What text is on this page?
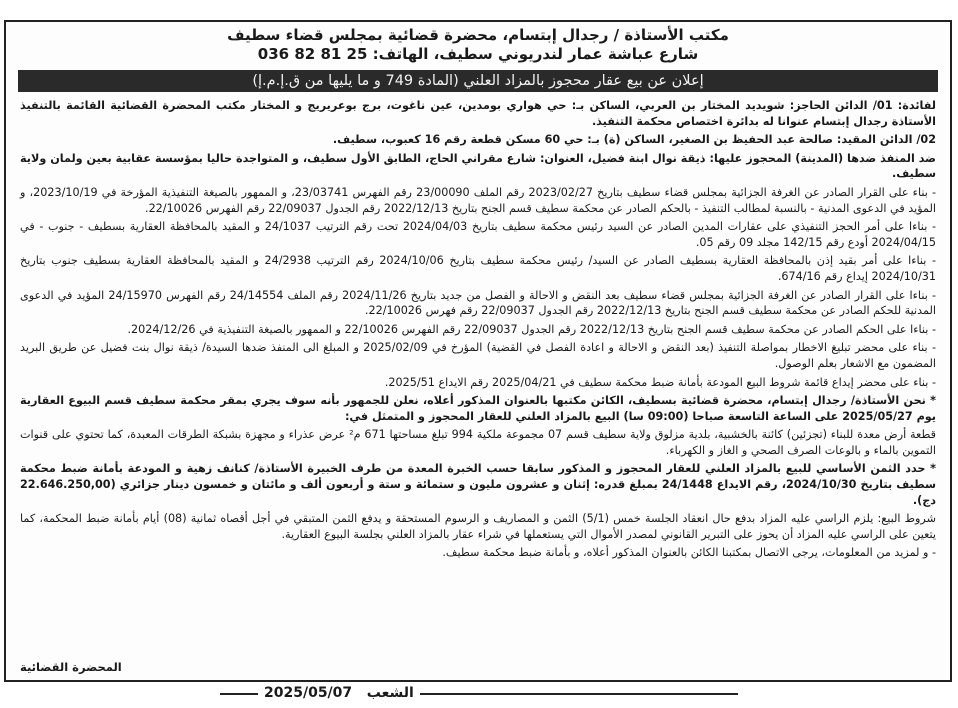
مكتب الأستاذة / رجدال إبتسام، محضرة قضائية بمجلس قضاء سطيف
شارع عباشة عمار لندريوني سطيف، الهاتف: 25 81 82 036
إعلان عن بيع عقار محجوز بالمزاد العلني (المادة 749 و ما يليها من ق.إ.م.إ)

لفائدة: 01/ الدائن الحاجز: شويديد المختار بن العربي، الساكن بـ: حي هواري بومدين، عين ناغوت، برج بوعريريج و المختار مكتب المحضرة القضائية القائمة بالتنفيذ الأستاذة رجدال إبتسام عنوانا له بدائرة اختصاص محكمة التنفيذ.

02/ الدائن المقيد: صالحة عبد الحفيظ بن الصغير، الساكن (ة) بـ: حي 60 مسكن قطعة رقم 16 كعبوب، سطيف.

ضد المنفذ ضدها (المدينة) المحجوز عليها: ذيقة نوال ابنة فضيل، العنوان: شارع مقراني الحاج، الطابق الأول سطيف، و المتواجدة حاليا بمؤسسة عقابية بعين ولمان ولاية سطيف.

- بناء على القرار الصادر عن الغرفة الجزائية بمجلس قضاء سطيف بتاريخ 2023/02/27 رقم الملف 23/00090 رقم الفهرس 23/03741، و الممهور بالصيغة التنفيذية المؤرخة في 2023/10/19، و المؤيد في الدعوى المدنية - بالنسبة لمطالب التنفيذ - بالحكم الصادر عن محكمة سطيف قسم الجنح بتاريخ 2022/12/13 رقم الجدول 22/09037 رقم الفهرس 22/10026.

- بناءا على أمر الحجز التنفيذي على عقارات المدين الصادر عن السيد رئيس محكمة سطيف بتاريخ 2024/04/03 تحت رقم الترتيب 24/1037 و المقيد بالمحافظة العقارية بسطيف - جنوب - في 2024/04/15 أودع رقم 142/15 مجلد 09 رقم 05.

- بناءا على أمر بقيد إذن بالمحافظة العقارية بسطيف الصادر عن السيد/ رئيس محكمة سطيف بتاريخ 2024/10/06 رقم الترتيب 24/2938 و المقيد بالمحافظة العقارية بسطيف جنوب بتاريخ 2024/10/31 إيداع رقم 674/16.

- بناءا على القرار الصادر عن الغرفة الجزائية بمجلس قضاء سطيف بعد النقض و الاحالة و الفصل من جديد بتاريخ 2024/11/26 رقم الملف 24/14554 رقم الفهرس 24/15970 المؤيد في الدعوى المدنية للحكم الصادر عن محكمة سطيف قسم الجنح بتاريخ 2022/12/13 رقم الجدول 22/09037 رقم فهرس 22/10026.

- بناءا على الحكم الصادر عن محكمة سطيف قسم الجنح بتاريخ 2022/12/13 رقم الجدول 22/09037 رقم الفهرس 22/10026 و الممهور بالصيغة التنفيذية في 2024/12/26.

- بناء على محضر تبليغ الاخطار بمواصلة التنفيذ (بعد النقض و الاحالة و اعادة الفصل في القضية) المؤرخ في 2025/02/09 و المبلغ الى المنفذ ضدها السيدة/ ذيقة نوال بنت فضيل عن طريق البريد المضمون مع الاشعار بعلم الوصول.

- بناء على محضر إيداع قائمة شروط البيع المودعة بأمانة ضبط محكمة سطيف في 2025/04/21 رقم الايداع 2025/51.

* نحن الأستاذة/ رجدال إبتسام، محضرة قضائية بسطيف، الكائن مكتبها بالعنوان المذكور أعلاه، نعلن للجمهور بأنه سوف يجري بمقر محكمة سطيف قسم البيوع العقارية يوم 2025/05/27 على الساعة التاسعة صباحا (09:00 سا) البيع بالمزاد العلني للعقار المحجوز و المتمثل في:

قطعة أرض معدة للبناء (تجزئين) كائنة بالخشبية، بلدية مزلوق ولاية سطيف قسم 07 مجموعة ملكية 994 تبلغ مساحتها 671 م² عرض عذراء و مجهزة بشبكة الطرقات المعبدة، كما تحتوي على قنوات التموين بالماء و بالوعات الصرف الصحي و الغاز و الكهرباء.

* حدد الثمن الأساسي للبيع بالمزاد العلني للعقار المحجوز و المذكور سابقا حسب الخبرة المعدة من طرف الخبيرة الأستاذة/ كنانف زهية و المودعة بأمانة ضبط محكمة سطيف بتاريخ 2024/10/30، رقم الايداع 24/1448 بمبلغ قدره: إثنان و عشرون مليون و ستمائة و ستة و أربعون ألف و مائتان و خمسون دينار جزائري (22.646.250,00 دج).

شروط البيع: يلزم الراسي عليه المزاد بدفع حال انعقاد الجلسة خمس (5/1) الثمن و المصاريف و الرسوم المستحقة و يدفع الثمن المتبقي في أجل أقصاه ثمانية (08) أيام بأمانة ضبط المحكمة، كما يتعين على الراسي عليه المزاد أن يحوز على التبرير القانوني لمصدر الأموال التي يستعملها في شراء عقار بالمزاد العلني بجلسة البيوع العقارية.

- و لمزيد من المعلومات، يرجى الاتصال بمكتبنا الكائن بالعنوان المذكور أعلاه، و بأمانة ضبط محكمة سطيف.

المحضرة القضائية
الشعب   2025/05/07
